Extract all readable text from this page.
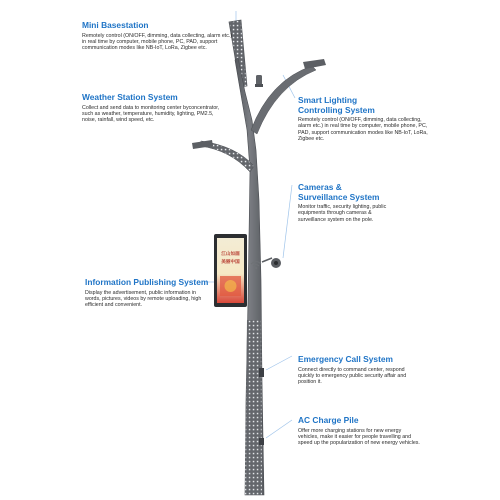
江山如画
美丽中国
Mini Basestation

Remotely control (ON/OFF, dimming, data collecting, alarm etc.) in real time by computer, mobile phone, PC, PAD, support communication modes like NB-IoT, LoRa, Zigbee etc.

Weather Station System

Collect and send data to monitoring center byconcentrator, such as weather, temperature, humidity, lighting, PM2.5, noise, rainfall, wind speed, etc.

Smart Lighting
Controlling System

Remotely control (ON/OFF, dimming, data collecting, alarm etc.) in real time by computer, mobile phone, PC, PAD, support communication modes like NB-IoT, LoRa, Zigbee etc.

Cameras &
Surveillance System

Monitor traffic, security lighting, public equipments through cameras & surveillance system on the pole.

Information Publishing System

Display the advertisement, public information in words, pictures, videos by remote uploading, high efficient and convenient.

Emergency Call System

Connect directly to command center, respond quickly to emergency public security affair and position it.

AC Charge Pile

Offer more charging stations for new energy vehicles, make it easier for people travelling and speed up the popularization of new energy vehicles.
